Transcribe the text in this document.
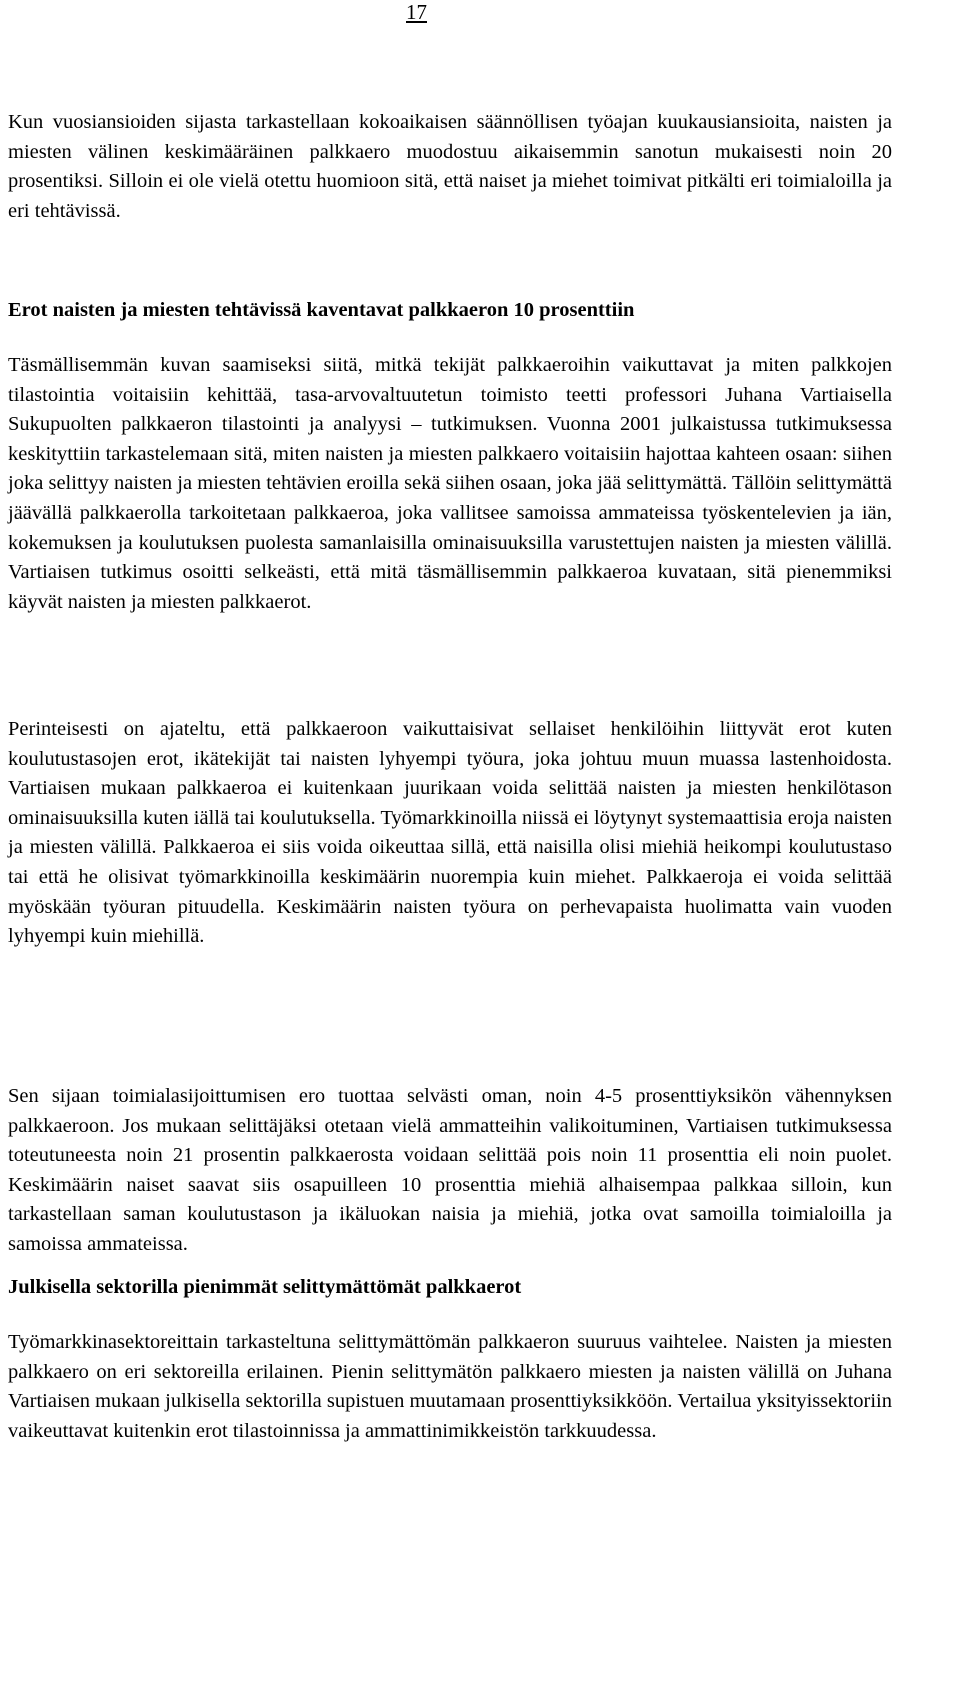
17

Kun vuosiansioiden sijasta tarkastellaan kokoaikaisen säännöllisen työajan kuukausiansioita, naisten ja miesten välinen keskimääräinen palkkaero muodostuu aikaisemmin sanotun mukaisesti noin 20 prosentiksi. Silloin ei ole vielä otettu huomioon sitä, että naiset ja miehet toimivat pitkälti eri toimialoilla ja eri tehtävissä.

Erot naisten ja miesten tehtävissä kaventavat palkkaeron 10 prosenttiin

Täsmällisemmän kuvan saamiseksi siitä, mitkä tekijät palkkaeroihin vaikuttavat ja miten palkkojen tilastointia voitaisiin kehittää, tasa-arvovaltuutetun toimisto teetti professori Juhana Vartiaisella Sukupuolten palkkaeron tilastointi ja analyysi – tutkimuksen. Vuonna 2001 julkaistussa tutkimuksessa keskityttiin tarkastelemaan sitä, miten naisten ja miesten palkkaero voitaisiin hajottaa kahteen osaan: siihen joka selittyy naisten ja miesten tehtävien eroilla sekä siihen osaan, joka jää selittymättä. Tällöin selittymättä jäävällä palkkaerolla tarkoitetaan palkkaeroa, joka vallitsee samoissa ammateissa työskentelevien ja iän, kokemuksen ja koulutuksen puolesta samanlaisilla ominaisuuksilla varustettujen naisten ja miesten välillä. Vartiaisen tutkimus osoitti selkeästi, että mitä täsmällisemmin palkkaeroa kuvataan, sitä pienemmiksi käyvät naisten ja miesten palkkaerot.

Perinteisesti on ajateltu, että palkkaeroon vaikuttaisivat sellaiset henkilöihin liittyvät erot kuten koulutustasojen erot, ikätekijät tai naisten lyhyempi työura, joka johtuu muun muassa lastenhoidosta. Vartiaisen mukaan palkkaeroa ei kuitenkaan juurikaan voida selittää naisten ja miesten henkilötason ominaisuuksilla kuten iällä tai koulutuksella. Työmarkkinoilla niissä ei löytynyt systemaattisia eroja naisten ja miesten välillä. Palkkaeroa ei siis voida oikeuttaa sillä, että naisilla olisi miehiä heikompi koulutustaso tai että he olisivat työmarkkinoilla keskimäärin nuorempia kuin miehet. Palkkaeroja ei voida selittää myöskään työuran pituudella. Keskimäärin naisten työura on perhevapaista huolimatta vain vuoden lyhyempi kuin miehillä.

Sen sijaan toimialasijoittumisen ero tuottaa selvästi oman, noin 4-5 prosenttiyksikön vähennyksen palkkaeroon. Jos mukaan selittäjäksi otetaan vielä ammatteihin valikoituminen, Vartiaisen tutkimuksessa toteutuneesta noin 21 prosentin palkkaerosta voidaan selittää pois noin 11 prosenttia eli noin puolet. Keskimäärin naiset saavat siis osapuilleen 10 prosenttia miehiä alhaisempaa palkkaa silloin, kun tarkastellaan saman koulutustason ja ikäluokan naisia ja miehiä, jotka ovat samoilla toimialoilla ja samoissa ammateissa.

Julkisella sektorilla pienimmät selittymättömät palkkaerot

Työmarkkinasektoreittain tarkasteltuna selittymättömän palkkaeron suuruus vaihtelee. Naisten ja miesten palkkaero on eri sektoreilla erilainen. Pienin selittymätön palkkaero miesten ja naisten välillä on Juhana Vartiaisen mukaan julkisella sektorilla supistuen muutamaan prosenttiyksikköön. Vertailua yksityissektoriin vaikeuttavat kuitenkin erot tilastoinnissa ja ammattinimikkeistön tarkkuudessa.
